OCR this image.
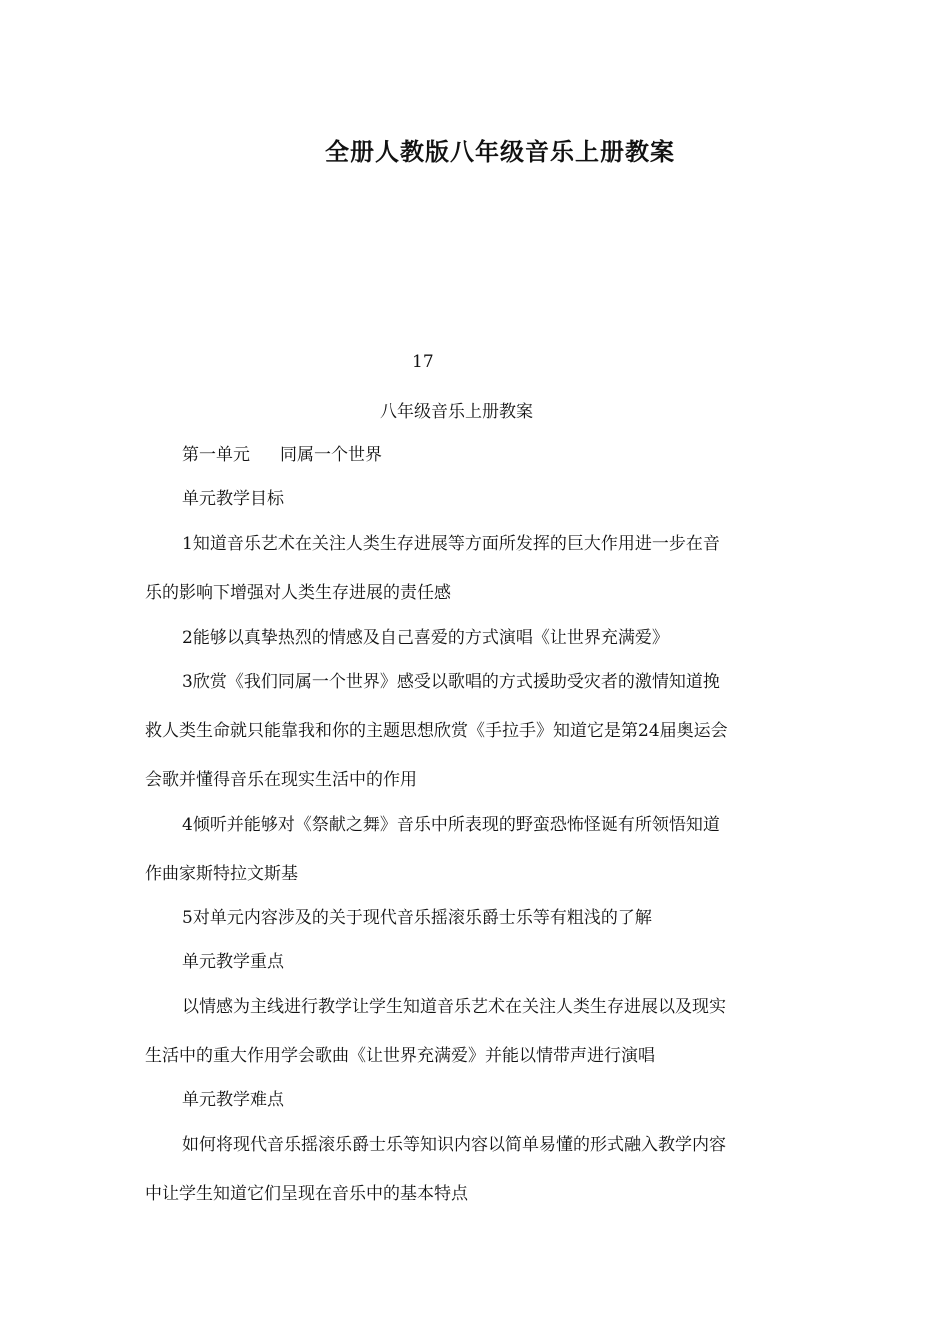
全册人教版八年级音乐上册教案
17
八年级音乐上册教案

第一单元 同属一个世界

单元教学目标

1知道音乐艺术在关注人类生存进展等方面所发挥的巨大作用进一步在音

乐的影响下增强对人类生存进展的责任感

2能够以真挚热烈的情感及自己喜爱的方式演唱《让世界充满爱》

3欣赏《我们同属一个世界》感受以歌唱的方式援助受灾者的激情知道挽

救人类生命就只能靠我和你的主题思想欣赏《手拉手》知道它是第24届奥运会

会歌并懂得音乐在现实生活中的作用

4倾听并能够对《祭献之舞》音乐中所表现的野蛮恐怖怪诞有所领悟知道

作曲家斯特拉文斯基

5对单元内容涉及的关于现代音乐摇滚乐爵士乐等有粗浅的了解

单元教学重点

以情感为主线进行教学让学生知道音乐艺术在关注人类生存进展以及现实

生活中的重大作用学会歌曲《让世界充满爱》并能以情带声进行演唱

单元教学难点

如何将现代音乐摇滚乐爵士乐等知识内容以简单易懂的形式融入教学内容

中让学生知道它们呈现在音乐中的基本特点
